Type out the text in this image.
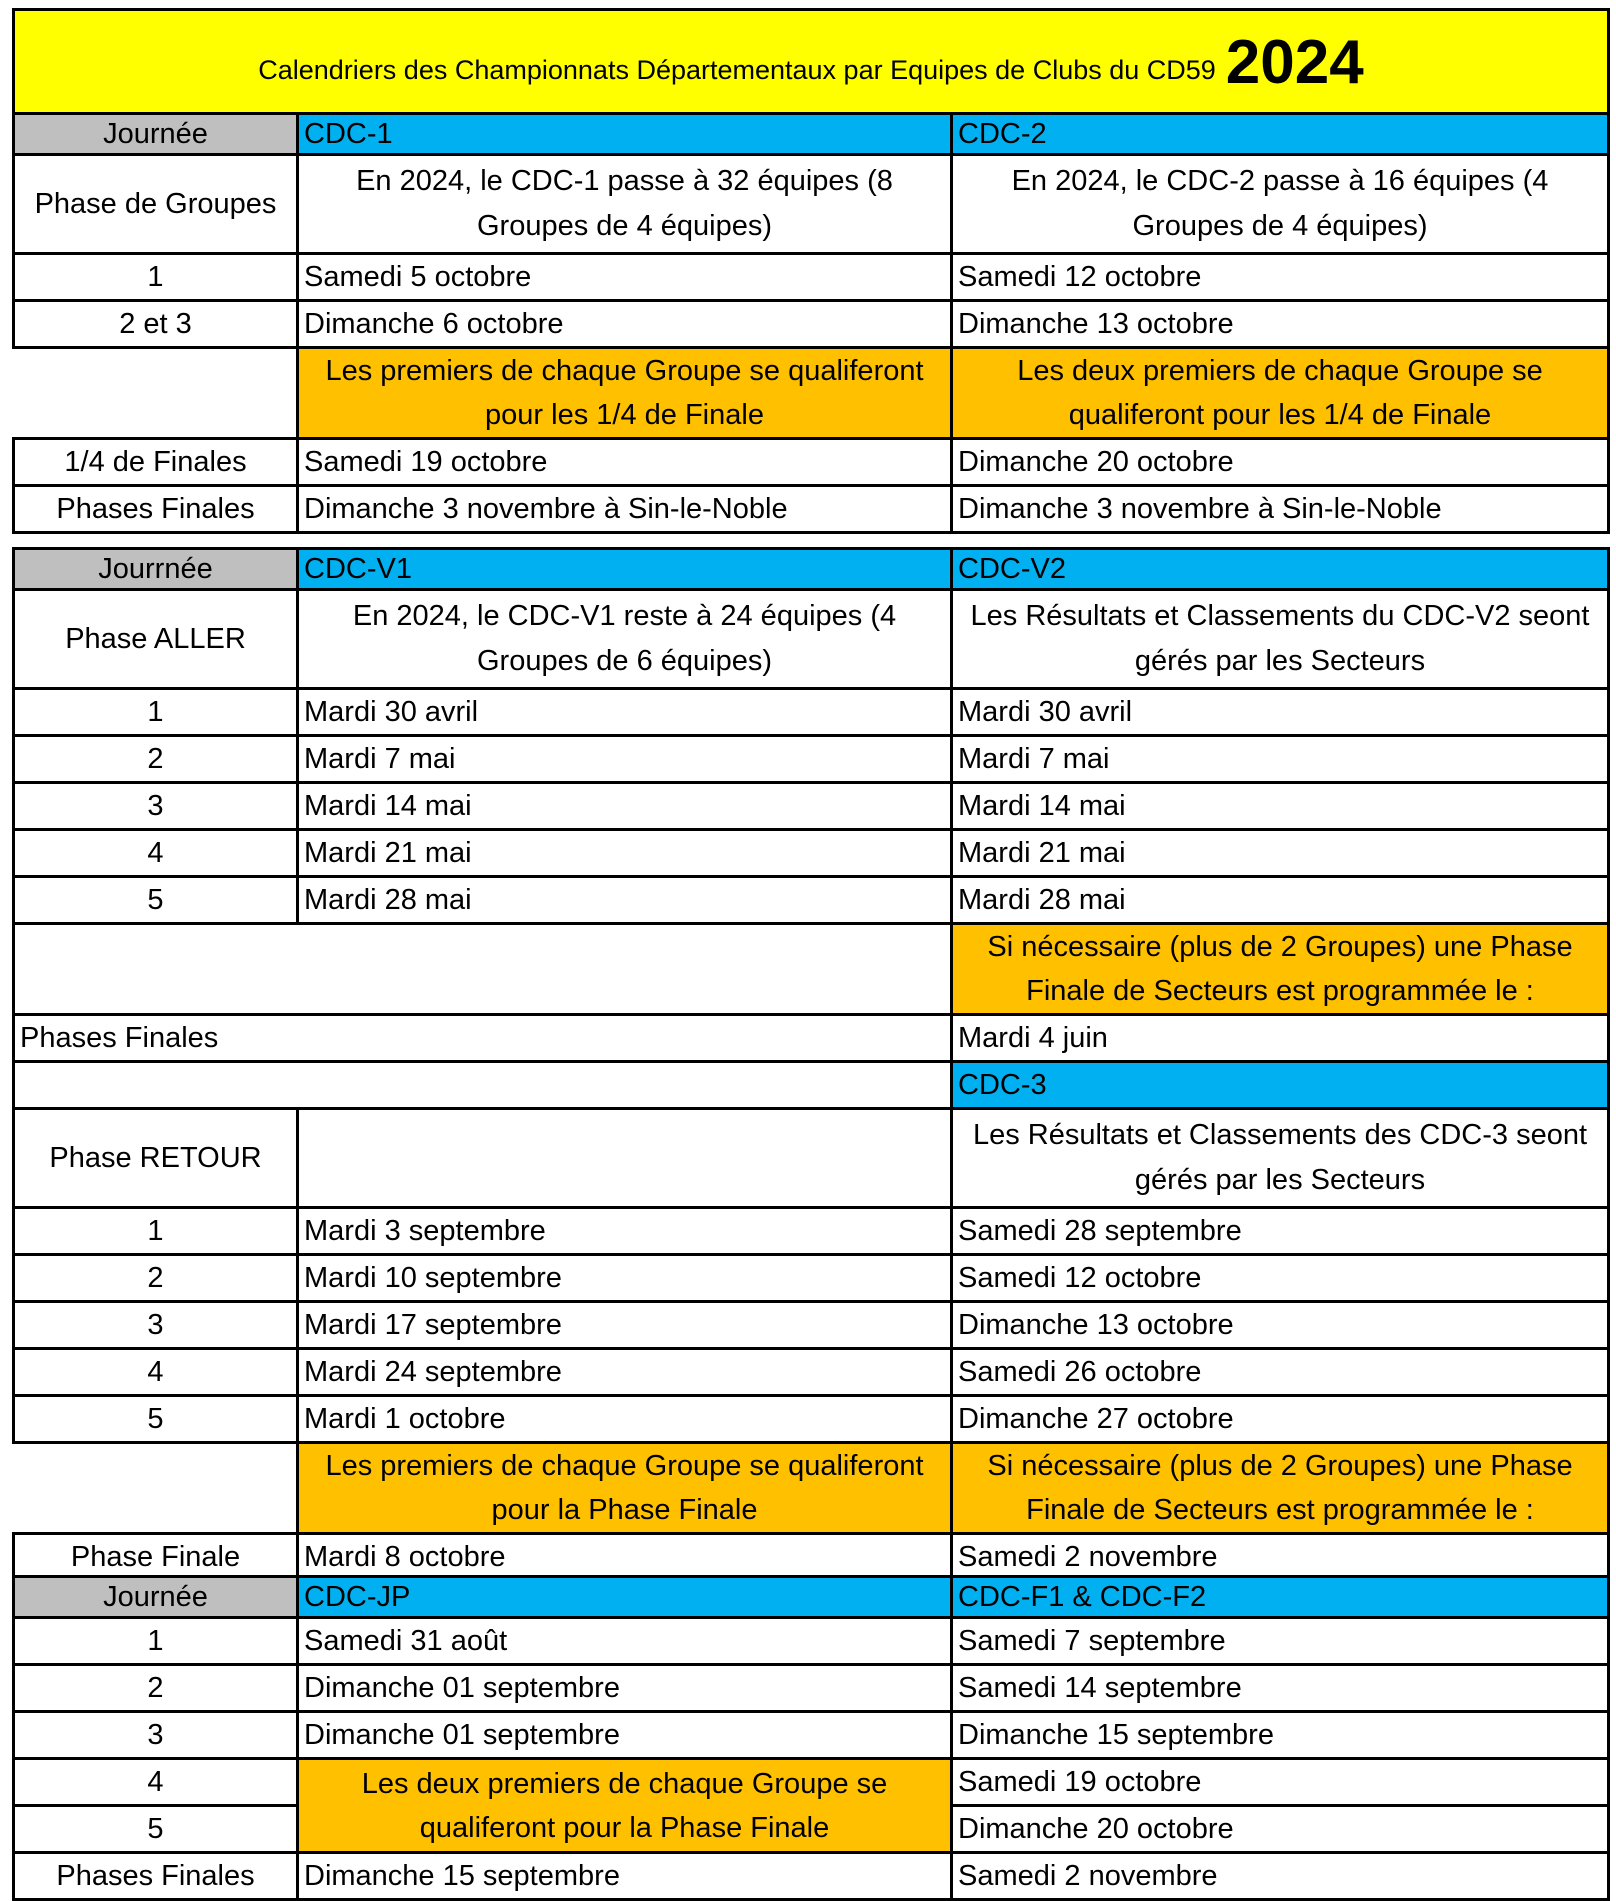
Calendriers des Championnats Départementaux par Equipes de Clubs du CD59 2024		
Journée	CDC-1	CDC-2
Phase de Groupes	En 2024, le CDC-1 passe à 32 équipes (8 Groupes de 4 équipes)	En 2024, le CDC-2 passe à 16 équipes (4 Groupes de 4 équipes)
1	Samedi 5 octobre	Samedi 12 octobre
2 et 3	Dimanche 6 octobre	Dimanche 13 octobre
	Les premiers de chaque Groupe se qualiferont pour les 1/4 de Finale	Les deux premiers de chaque Groupe se qualiferont pour les 1/4 de Finale
1/4 de Finales	Samedi 19 octobre	Dimanche 20 octobre
Phases Finales	Dimanche 3 novembre à Sin-le-Noble	Dimanche 3 novembre à Sin-le-Noble
Jourrnée	CDC-V1	CDC-V2
Phase ALLER	En 2024, le CDC-V1 reste à 24 équipes (4 Groupes de 6 équipes)	Les Résultats et Classements du CDC-V2 seont gérés par les Secteurs
1	Mardi 30 avril	Mardi 30 avril
2	Mardi 7 mai	Mardi 7 mai
3	Mardi 14 mai	Mardi 14 mai
4	Mardi 21 mai	Mardi 21 mai
5	Mardi 28 mai	Mardi 28 mai
		Si nécessaire (plus de 2 Groupes) une Phase Finale de Secteurs est programmée le :
Phases Finales		Mardi 4 juin
		CDC-3
Phase RETOUR		Les Résultats et Classements des CDC-3 seont gérés par les Secteurs
1	Mardi 3 septembre	Samedi 28 septembre
2	Mardi 10 septembre	Samedi 12 octobre
3	Mardi 17 septembre	Dimanche 13 octobre
4	Mardi 24 septembre	Samedi 26 octobre
5	Mardi 1 octobre	Dimanche 27 octobre
	Les premiers de chaque Groupe se qualiferont pour la Phase Finale	Si nécessaire (plus de 2 Groupes) une Phase Finale de Secteurs est programmée le :
Phase Finale	Mardi 8 octobre	Samedi 2 novembre
Journée	CDC-JP	CDC-F1 & CDC-F2
1	Samedi 31 août	Samedi 7 septembre
2	Dimanche 01 septembre	Samedi 14 septembre
3	Dimanche 01 septembre	Dimanche 15 septembre
4	Les deux premiers de chaque Groupe se qualiferont pour la Phase Finale	Samedi 19 octobre
5		Dimanche 20 octobre
Phases Finales	Dimanche 15 septembre	Samedi 2 novembre
